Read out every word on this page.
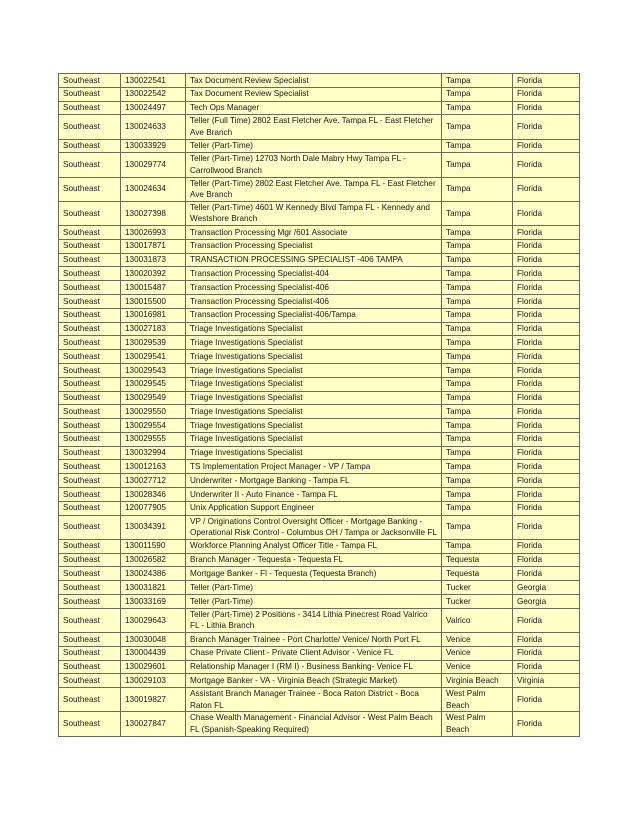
Southeast	130022541	Tax Document Review Specialist	Tampa	Florida
Southeast	130022542	Tax Document Review Specialist	Tampa	Florida
Southeast	130024497	Tech Ops Manager	Tampa	Florida
Southeast	130024633	Teller (Full Time) 2802 East Fletcher Ave. Tampa FL - East Fletcher Ave Branch	Tampa	Florida
Southeast	130033929	Teller (Part-Time)	Tampa	Florida
Southeast	130029774	Teller (Part-Time) 12703 North Dale Mabry Hwy Tampa FL - Carrollwood Branch	Tampa	Florida
Southeast	130024634	Teller (Part-Time) 2802 East Fletcher Ave. Tampa FL - East Fletcher Ave Branch	Tampa	Florida
Southeast	130027398	Teller (Part-Time) 4601 W Kennedy Blvd Tampa FL - Kennedy and Westshore Branch	Tampa	Florida
Southeast	130026993	Transaction Processing Mgr /601 Associate	Tampa	Florida
Southeast	130017871	Transaction Processing Specialist	Tampa	Florida
Southeast	130031873	TRANSACTION PROCESSING SPECIALIST -406 TAMPA	Tampa	Florida
Southeast	130020392	Transaction Processing Specialist-404	Tampa	Florida
Southeast	130015487	Transaction Processing Specialist-406	Tampa	Florida
Southeast	130015500	Transaction Processing Specialist-406	Tampa	Florida
Southeast	130016981	Transaction Processing Specialist-406/Tampa	Tampa	Florida
Southeast	130027183	Triage Investigations Specialist	Tampa	Florida
Southeast	130029539	Triage Investigations Specialist	Tampa	Florida
Southeast	130029541	Triage Investigations Specialist	Tampa	Florida
Southeast	130029543	Triage Investigations Specialist	Tampa	Florida
Southeast	130029545	Triage Investigations Specialist	Tampa	Florida
Southeast	130029549	Triage Investigations Specialist	Tampa	Florida
Southeast	130029550	Triage Investigations Specialist	Tampa	Florida
Southeast	130029554	Triage Investigations Specialist	Tampa	Florida
Southeast	130029555	Triage Investigations Specialist	Tampa	Florida
Southeast	130032994	Triage Investigations Specialist	Tampa	Florida
Southeast	130012163	TS Implementation Project Manager - VP / Tampa	Tampa	Florida
Southeast	130027712	Underwriter - Mortgage Banking - Tampa FL	Tampa	Florida
Southeast	130028346	Underwriter II - Auto Finance - Tampa FL	Tampa	Florida
Southeast	120077905	Unix Application Support Engineer	Tampa	Florida
Southeast	130034391	VP / Originations Control Oversight Officer - Mortgage Banking - Operational Risk Control - Columbus OH / Tampa or Jacksonville FL	Tampa	Florida
Southeast	130011590	Workforce Planning Analyst Officer Title - Tampa FL	Tampa	Florida
Southeast	130026582	Branch Manager - Tequesta - Tequesta FL	Tequesta	Florida
Southeast	130024386	Mortgage Banker - Fl - Tequesta (Tequesta Branch)	Tequesta	Florida
Southeast	130031821	Teller (Part-Time)	Tucker	Georgia
Southeast	130033169	Teller (Part-Time)	Tucker	Georgia
Southeast	130029643	Teller (Part-Time) 2 Positions - 3414 Lithia Pinecrest Road Valrico FL - Lithia Branch	Valrico	Florida
Southeast	130030048	Branch Manager Trainee - Port Charlotte/ Venice/ North Port FL	Venice	Florida
Southeast	130004439	Chase Private Client - Private Client Advisor - Venice FL	Venice	Florida
Southeast	130029601	Relationship Manager I (RM I) - Business Banking- Venice FL	Venice	Florida
Southeast	130029103	Mortgage Banker - VA - Virginia Beach (Strategic Market)	Virginia Beach	Virginia
Southeast	130019827	Assistant Branch Manager Trainee - Boca Raton District - Boca Raton FL	West Palm Beach	Florida
Southeast	130027847	Chase Wealth Management - Financial Advisor - West Palm Beach FL (Spanish-Speaking Required)	West Palm Beach	Florida
